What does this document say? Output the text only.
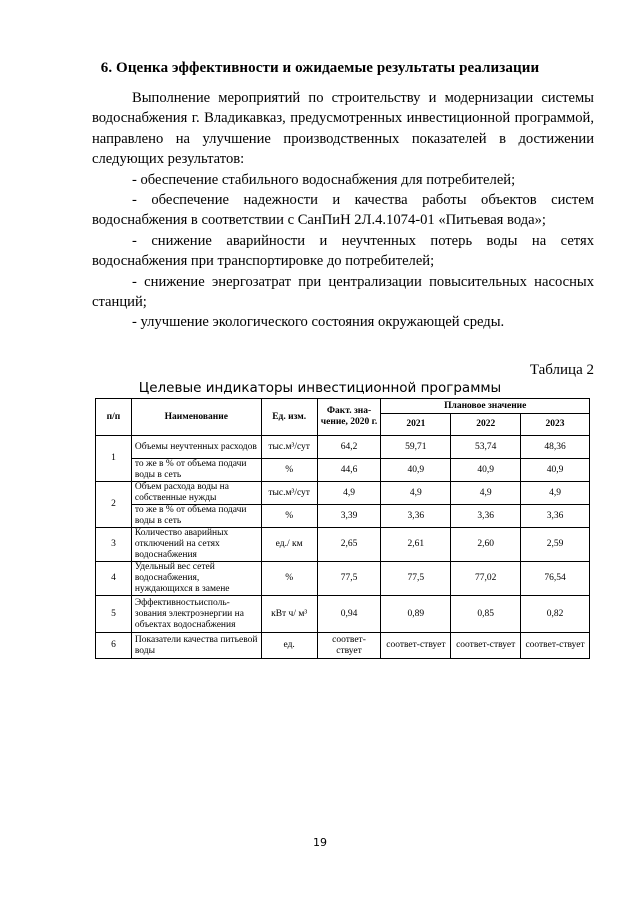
6. Оценка эффективности и ожидаемые результаты реализации

Выполнение мероприятий по строительству и модернизации системы водоснабжения г. Владикавказ, предусмотренных инвестиционной программой, направлено на улучшение производственных показателей в достижении следующих результатов:

- обеспечение стабильного водоснабжения для потребителей;

- обеспечение надежности и качества работы объектов систем водоснабжения в соответствии с СанПиН 2Л.4.1074-01 «Питьевая вода»;

- снижение аварийности и неучтенных потерь воды на сетях водоснабжения при транспортировке до потребителей;

- снижение энергозатрат при централизации повысительных насосных станций;

- улучшение экологического состояния окружающей среды.

Таблица 2
Целевые индикаторы инвестиционной программы
п/п	Наименование	Ед. изм.	Факт. зна-чение, 2020 г.	Плановое значение		
				2021	2022	2023
1	Объемы неучтенных расходов	тыс.м³/сут	64,2	59,71	53,74	48,36
	то же в % от объема подачи воды в сеть	%	44,6	40,9	40,9	40,9
2	Объем расхода воды на собственные нужды	тыс.м³/сут	4,9	4,9	4,9	4,9
	то же в % от объема подачи воды в сеть	%	3,39	3,36	3,36	3,36
3	Количество аварийных отключений на сетях водоснабжения	ед./ км	2,65	2,61	2,60	2,59
4	Удельный вес сетей водоснабжения, нуждающихся в замене	%	77,5	77,5	77,02	76,54
5	Эффективностьисполь-зования электроэнергии на объектах водоснабжения	кВт ч/ м³	0,94	0,89	0,85	0,82
6	Показатели качества питьевой воды	ед.	соответ-ствует	соответ-ствует	соответ-ствует	соответ-ствует
19
